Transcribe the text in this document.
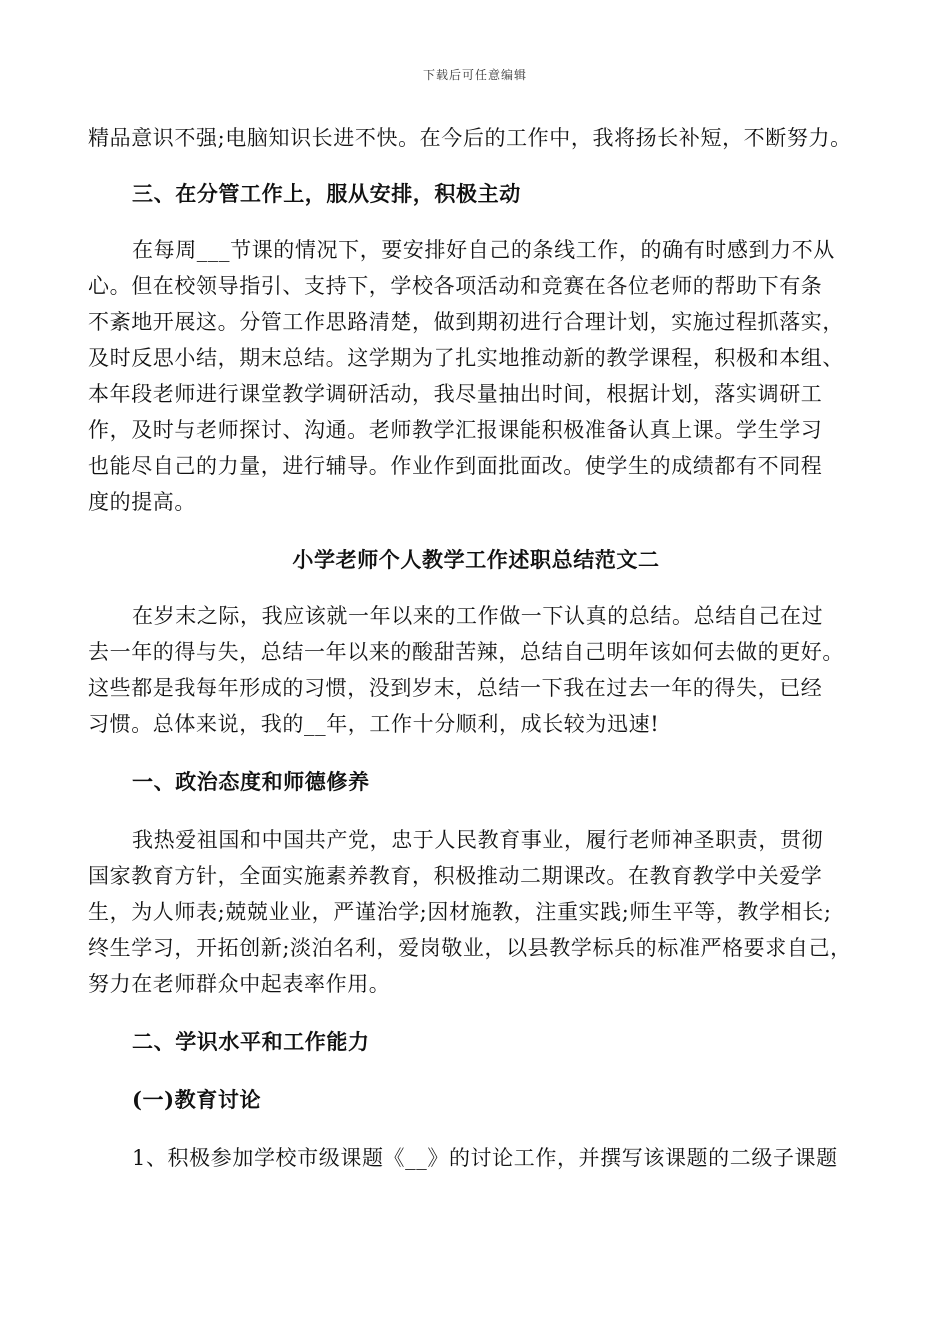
下载后可任意编辑
精品意识不强;电脑知识长进不快。在今后的工作中，我将扬长补短，不断努力。
三、在分管工作上，服从安排，积极主动
在每周___节课的情况下，要安排好自己的条线工作，的确有时感到力不从
心。但在校领导指引、支持下，学校各项活动和竞赛在各位老师的帮助下有条
不紊地开展这。分管工作思路清楚，做到期初进行合理计划，实施过程抓落实，
及时反思小结，期末总结。这学期为了扎实地推动新的教学课程，积极和本组、
本年段老师进行课堂教学调研活动，我尽量抽出时间，根据计划，落实调研工
作，及时与老师探讨、沟通。老师教学汇报课能积极准备认真上课。学生学习
也能尽自己的力量，进行辅导。作业作到面批面改。使学生的成绩都有不同程
度的提高。
小学老师个人教学工作述职总结范文二
在岁末之际，我应该就一年以来的工作做一下认真的总结。总结自己在过
去一年的得与失，总结一年以来的酸甜苦辣，总结自己明年该如何去做的更好。
这些都是我每年形成的习惯，没到岁末，总结一下我在过去一年的得失，已经
习惯。总体来说，我的__年，工作十分顺利，成长较为迅速!
一、政治态度和师德修养
我热爱祖国和中国共产党，忠于人民教育事业，履行老师神圣职责，贯彻
国家教育方针，全面实施素养教育，积极推动二期课改。在教育教学中关爱学
生，为人师表;兢兢业业，严谨治学;因材施教，注重实践;师生平等，教学相长;
终生学习，开拓创新;淡泊名利，爱岗敬业，以县教学标兵的标准严格要求自己，
努力在老师群众中起表率作用。
二、学识水平和工作能力
(一)教育讨论
1、积极参加学校市级课题《__》的讨论工作，并撰写该课题的二级子课题
